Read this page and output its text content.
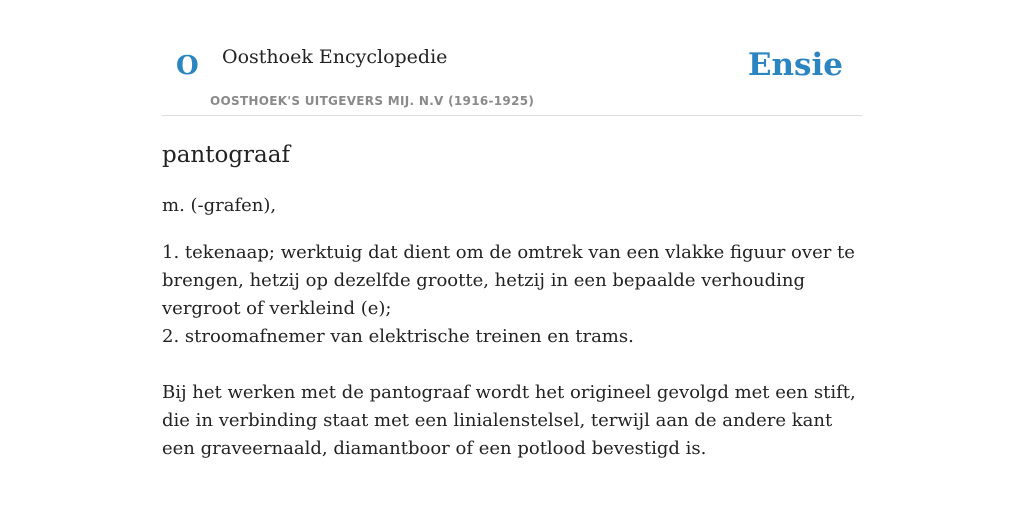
O Oosthoek Encyclopedie
OOSTHOEK'S UITGEVERS MIJ. N.V (1916-1925)
Ensie
pantograaf

m. (-grafen),

1. tekenaap; werktuig dat dient om de omtrek van een vlakke figuur over te brengen, hetzij op dezelfde grootte, hetzij in een bepaalde verhouding vergroot of verkleind (e);
2. stroomafnemer van elektrische treinen en trams.

Bij het werken met de pantograaf wordt het origineel gevolgd met een stift, die in verbinding staat met een linialenstelsel, terwijl aan de andere kant een graveernaald, diamantboor of een potlood bevestigd is.
